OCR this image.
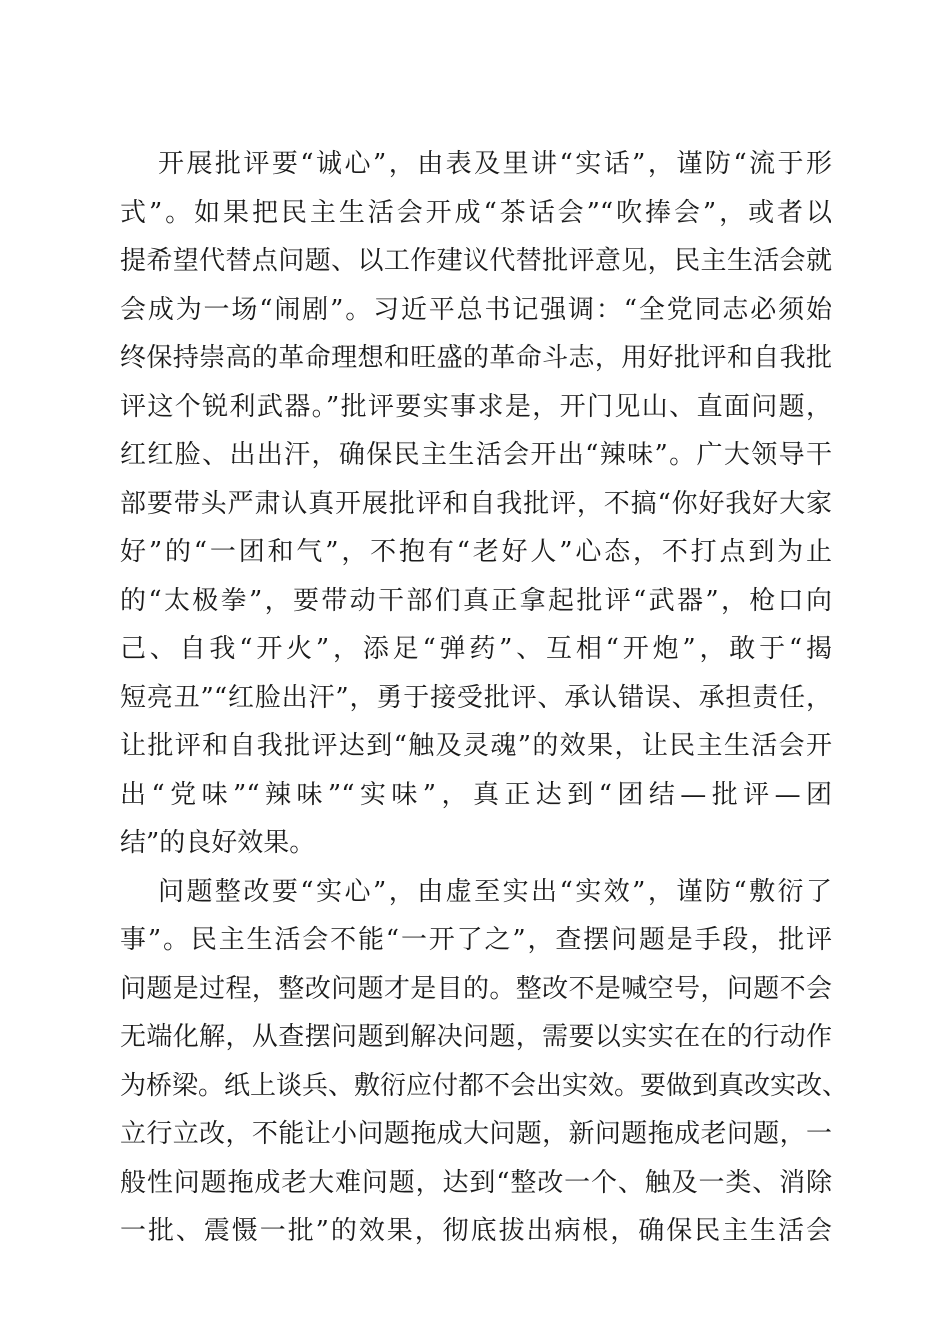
开展批评要“诚心”，由表及里讲“实话”，谨防“流于形
式”。如果把民主生活会开成“茶话会”“吹捧会”，或者以
提希望代替点问题、以工作建议代替批评意见，民主生活会就
会成为一场“闹剧”。习近平总书记强调：“全党同志必须始
终保持崇高的革命理想和旺盛的革命斗志，用好批评和自我批
评这个锐利武器。”批评要实事求是，开门见山、直面问题，
红红脸、出出汗，确保民主生活会开出“辣味”。广大领导干
部要带头严肃认真开展批评和自我批评，不搞“你好我好大家
好”的“一团和气”，不抱有“老好人”心态，不打点到为止
的“太极拳”，要带动干部们真正拿起批评“武器”，枪口向
己、自我“开火”，添足“弹药”、互相“开炮”，敢于“揭
短亮丑”“红脸出汗”，勇于接受批评、承认错误、承担责任，
让批评和自我批评达到“触及灵魂”的效果，让民主生活会开
出“党味”“辣味”“实味”，真正达到“团结—批评—团
结”的良好效果。
问题整改要“实心”，由虚至实出“实效”，谨防“敷衍了
事”。民主生活会不能“一开了之”，查摆问题是手段，批评
问题是过程，整改问题才是目的。整改不是喊空号，问题不会
无端化解，从查摆问题到解决问题，需要以实实在在的行动作
为桥梁。纸上谈兵、敷衍应付都不会出实效。要做到真改实改、
立行立改，不能让小问题拖成大问题，新问题拖成老问题，一
般性问题拖成老大难问题，达到“整改一个、触及一类、消除
一批、震慑一批”的效果，彻底拔出病根，确保民主生活会
